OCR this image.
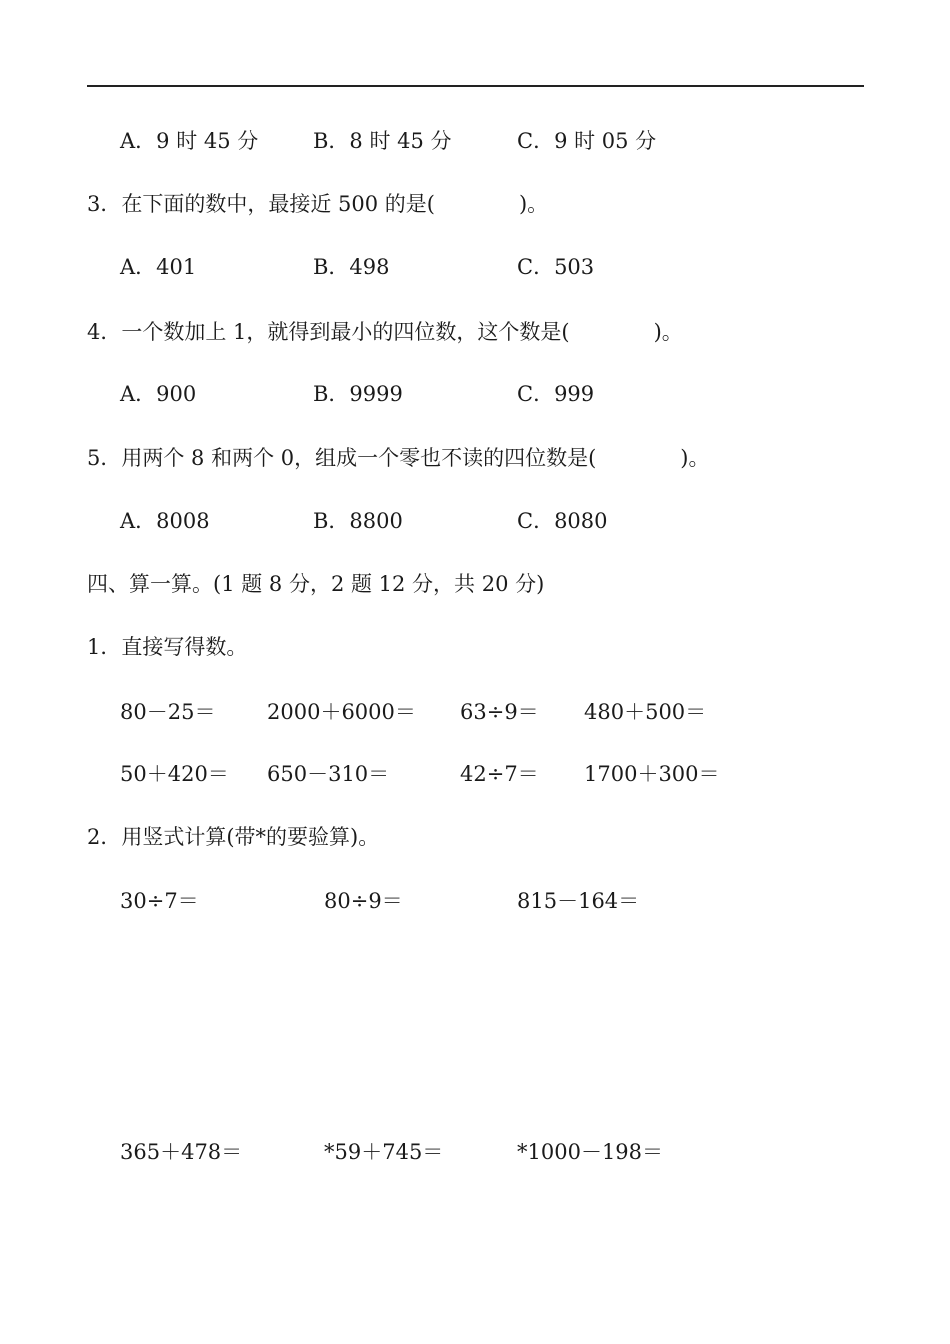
A．9 时 45 分	B．8 时 45 分	C．9 时 05 分
3．在下面的数中，最接近 500 的是(　　　　)。
A．401	B．498	C．503
4．一个数加上 1，就得到最小的四位数，这个数是(　　　　)。
A．900	B．9999	C．999
5．用两个 8 和两个 0，组成一个零也不读的四位数是(　　　　)。
A．8008	B．8800	C．8080
四、算一算。(1 题 8 分，2 题 12 分，共 20 分)
1．直接写得数。
80－25＝ 2000＋6000＝ 63÷9＝ 480＋500＝
50＋420＝ 650－310＝	42÷7＝ 1700＋300＝
2．用竖式计算(带*的要验算)。
30÷7＝	80÷9＝	815－164＝
365＋478＝	*59＋745＝	*1000－198＝
